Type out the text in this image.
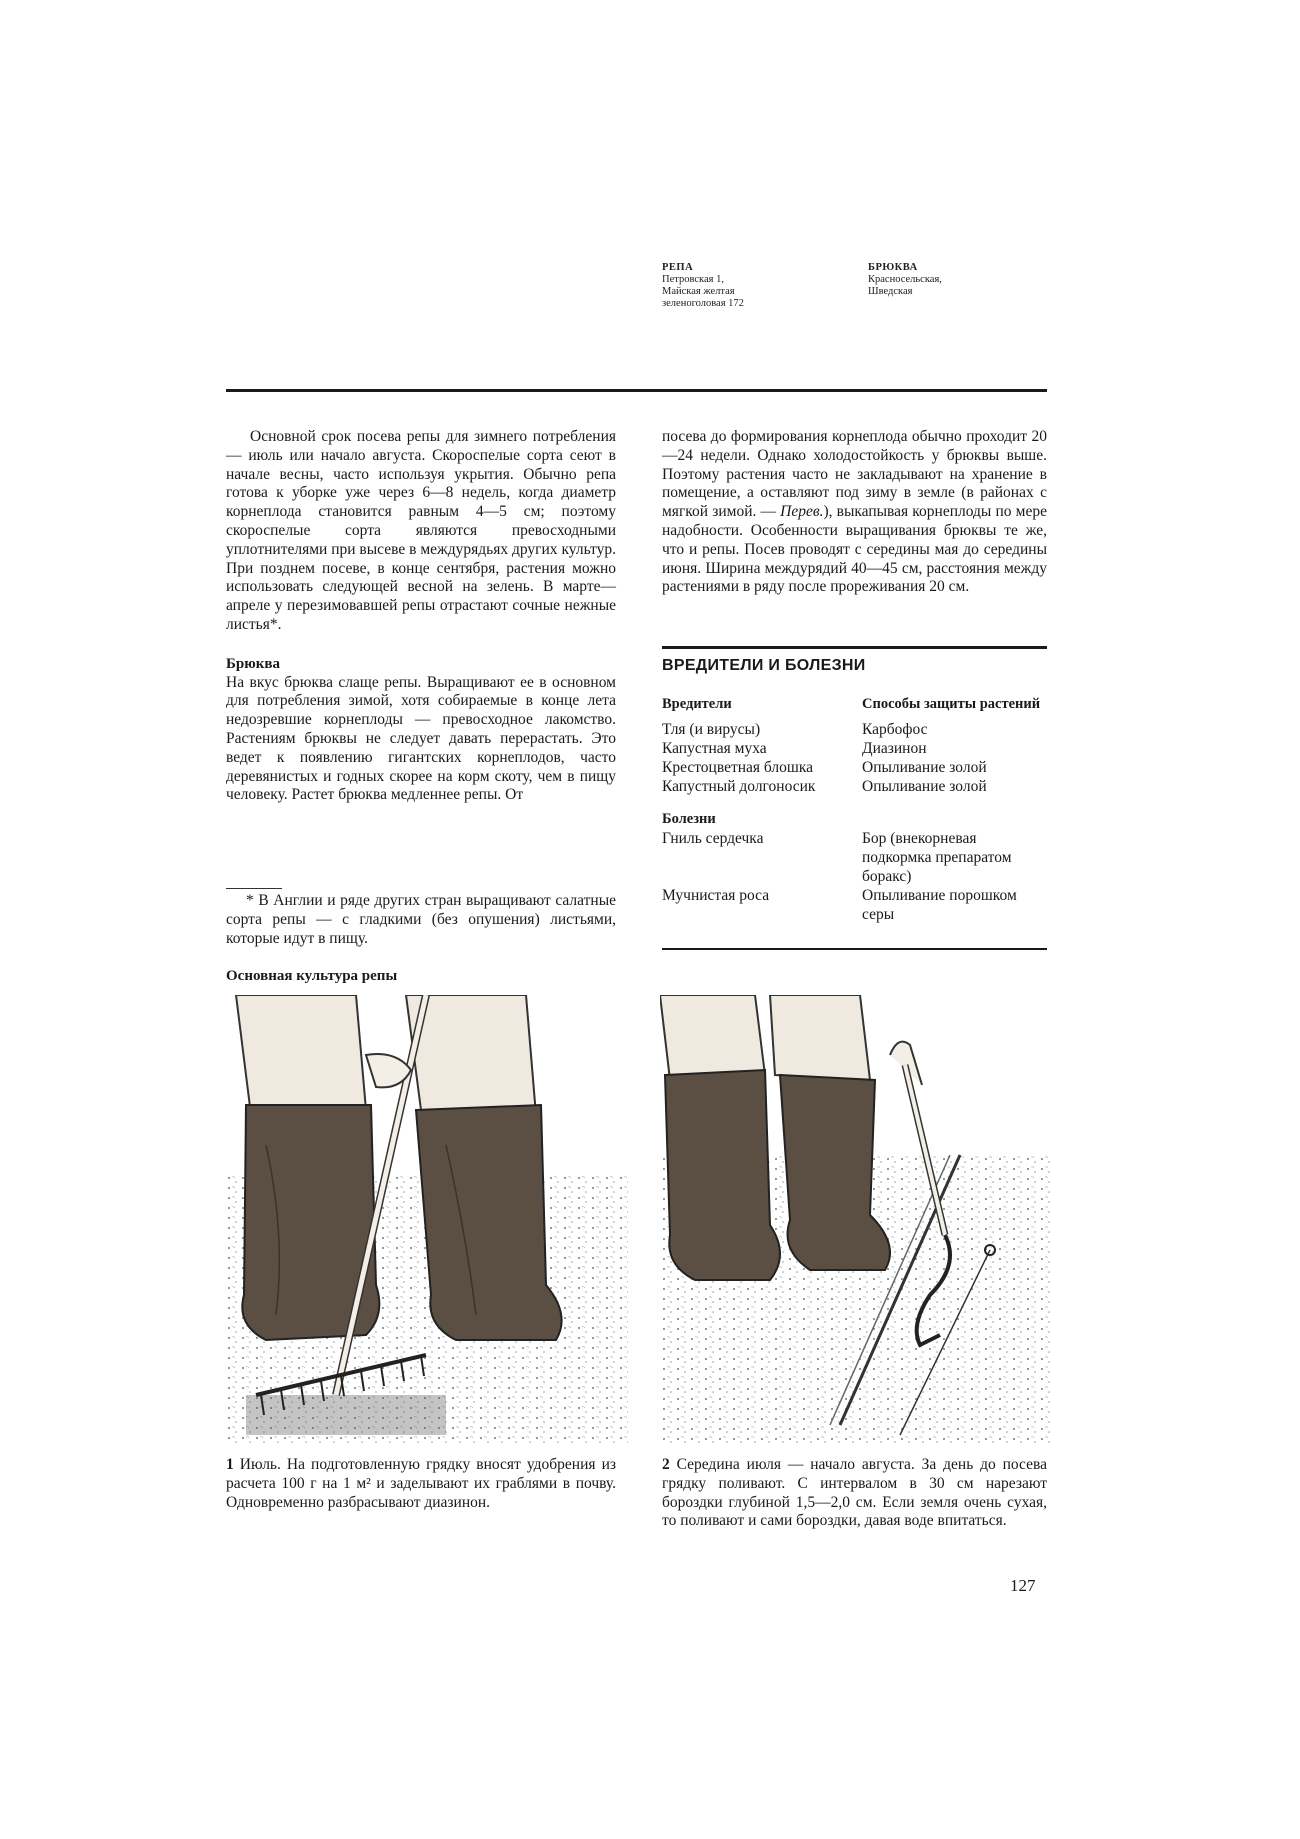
РЕПА
Петровская 1,
Майская желтая
зеленоголовая 172
БРЮКВА
Красносельская,
Шведская

Основной срок посева репы для зимнего потребления — июль или начало августа. Скороспелые сорта сеют в начале весны, часто используя укрытия. Обычно репа готова к уборке уже через 6—8 недель, когда диаметр корнеплода становится равным 4—5 см; поэтому скороспелые сорта являются превосходными уплотнителями при высеве в междурядьях других культур. При позднем посеве, в конце сентября, растения можно использовать следующей весной на зелень. В марте—апреле у перезимовавшей репы отрастают сочные нежные листья*.

Брюква

На вкус брюква слаще репы. Выращивают ее в основном для потребления зимой, хотя собираемые в конце лета недозревшие корнеплоды — превосходное лакомство. Растениям брюквы не следует давать перерастать. Это ведет к появлению гигантских корнеплодов, часто деревянистых и годных скорее на корм скоту, чем в пищу человеку. Растет брюква медленнее репы. От

* В Англии и ряде других стран выращивают салатные сорта репы — с гладкими (без опушения) листьями, которые идут в пищу.
Основная культура репы

посева до формирования корнеплода обычно проходит 20—24 недели. Однако холодостойкость у брюквы выше. Поэтому растения часто не закладывают на хранение в помещение, а оставляют под зиму в земле (в районах с мягкой зимой. — Перев.), выкапывая корнеплоды по мере надобности. Особенности выращивания брюквы те же, что и репы. Посев проводят с середины мая до середины июня. Ширина междурядий 40—45 см, расстояния между растениями в ряду после прореживания 20 см.

ВРЕДИТЕЛИ И БОЛЕЗНИ
Вредители	Способы защиты растений
Тля (и вирусы)	Карбофос
Капустная муха	Диазинон
Крестоцветная блошка	Опыливание золой
Капустный долгоносик	Опыливание золой
Болезни
Гниль сердечка	Бор (внекорневая подкормка препаратом боракс)
Мучнистая роса	Опыливание порошком серы
1 Июль. На подготовленную грядку вносят удобрения из расчета 100 г на 1 м² и заделывают их граблями в почву. Одновременно разбрасывают диазинон.
2 Середина июля — начало августа. За день до посева грядку поливают. С интервалом в 30 см нарезают бороздки глубиной 1,5—2,0 см. Если земля очень сухая, то поливают и сами бороздки, давая воде впитаться.
127
